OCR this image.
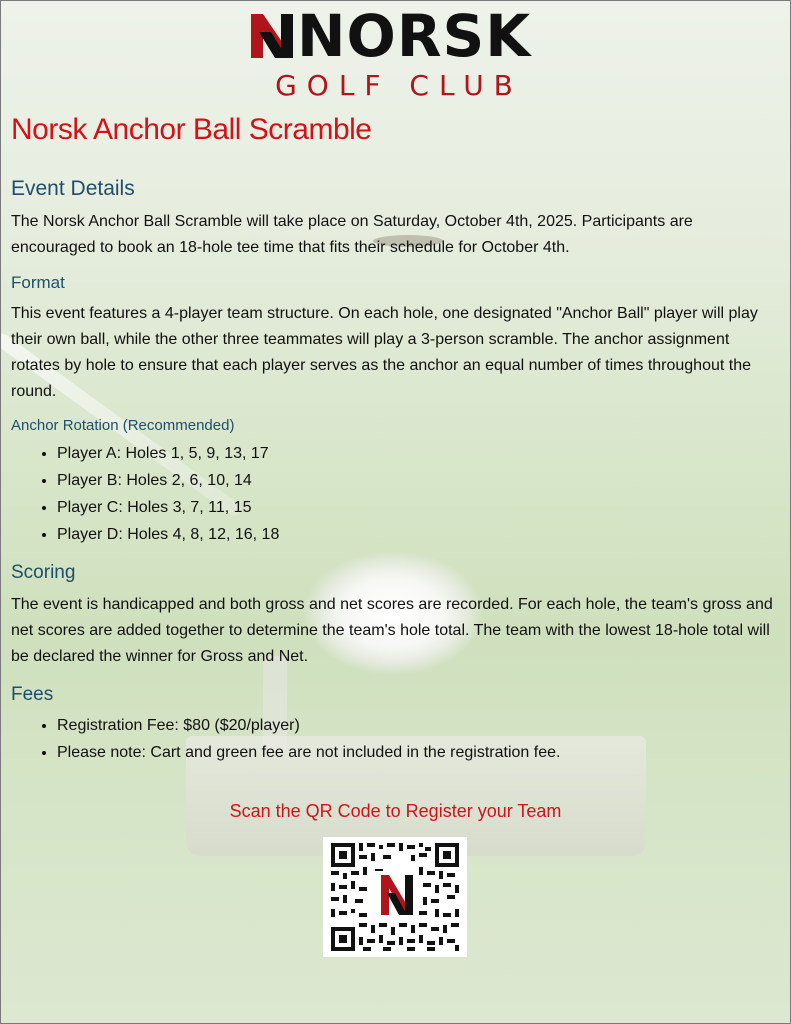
NORSK
GOLF CLUB
Norsk Anchor Ball Scramble
Event Details

The Norsk Anchor Ball Scramble will take place on Saturday, October 4th, 2025. Participants are encouraged to book an 18-hole tee time that fits their schedule for October 4th.

Format

This event features a 4-player team structure. On each hole, one designated "Anchor Ball" player will play their own ball, while the other three teammates will play a 3-person scramble. The anchor assignment rotates by hole to ensure that each player serves as the anchor an equal number of times throughout the round.

Anchor Rotation (Recommended)
• Player A: Holes 1, 5, 9, 13, 17
• Player B: Holes 2, 6, 10, 14
• Player C: Holes 3, 7, 11, 15
• Player D: Holes 4, 8, 12, 16, 18
Scoring

The event is handicapped and both gross and net scores are recorded. For each hole, the team's gross and net scores are added together to determine the team's hole total. The team with the lowest 18-hole total will be declared the winner for Gross and Net.

Fees
• Registration Fee: $80 ($20/player)
• Please note: Cart and green fee are not included in the registration fee.
Scan the QR Code to Register your Team
